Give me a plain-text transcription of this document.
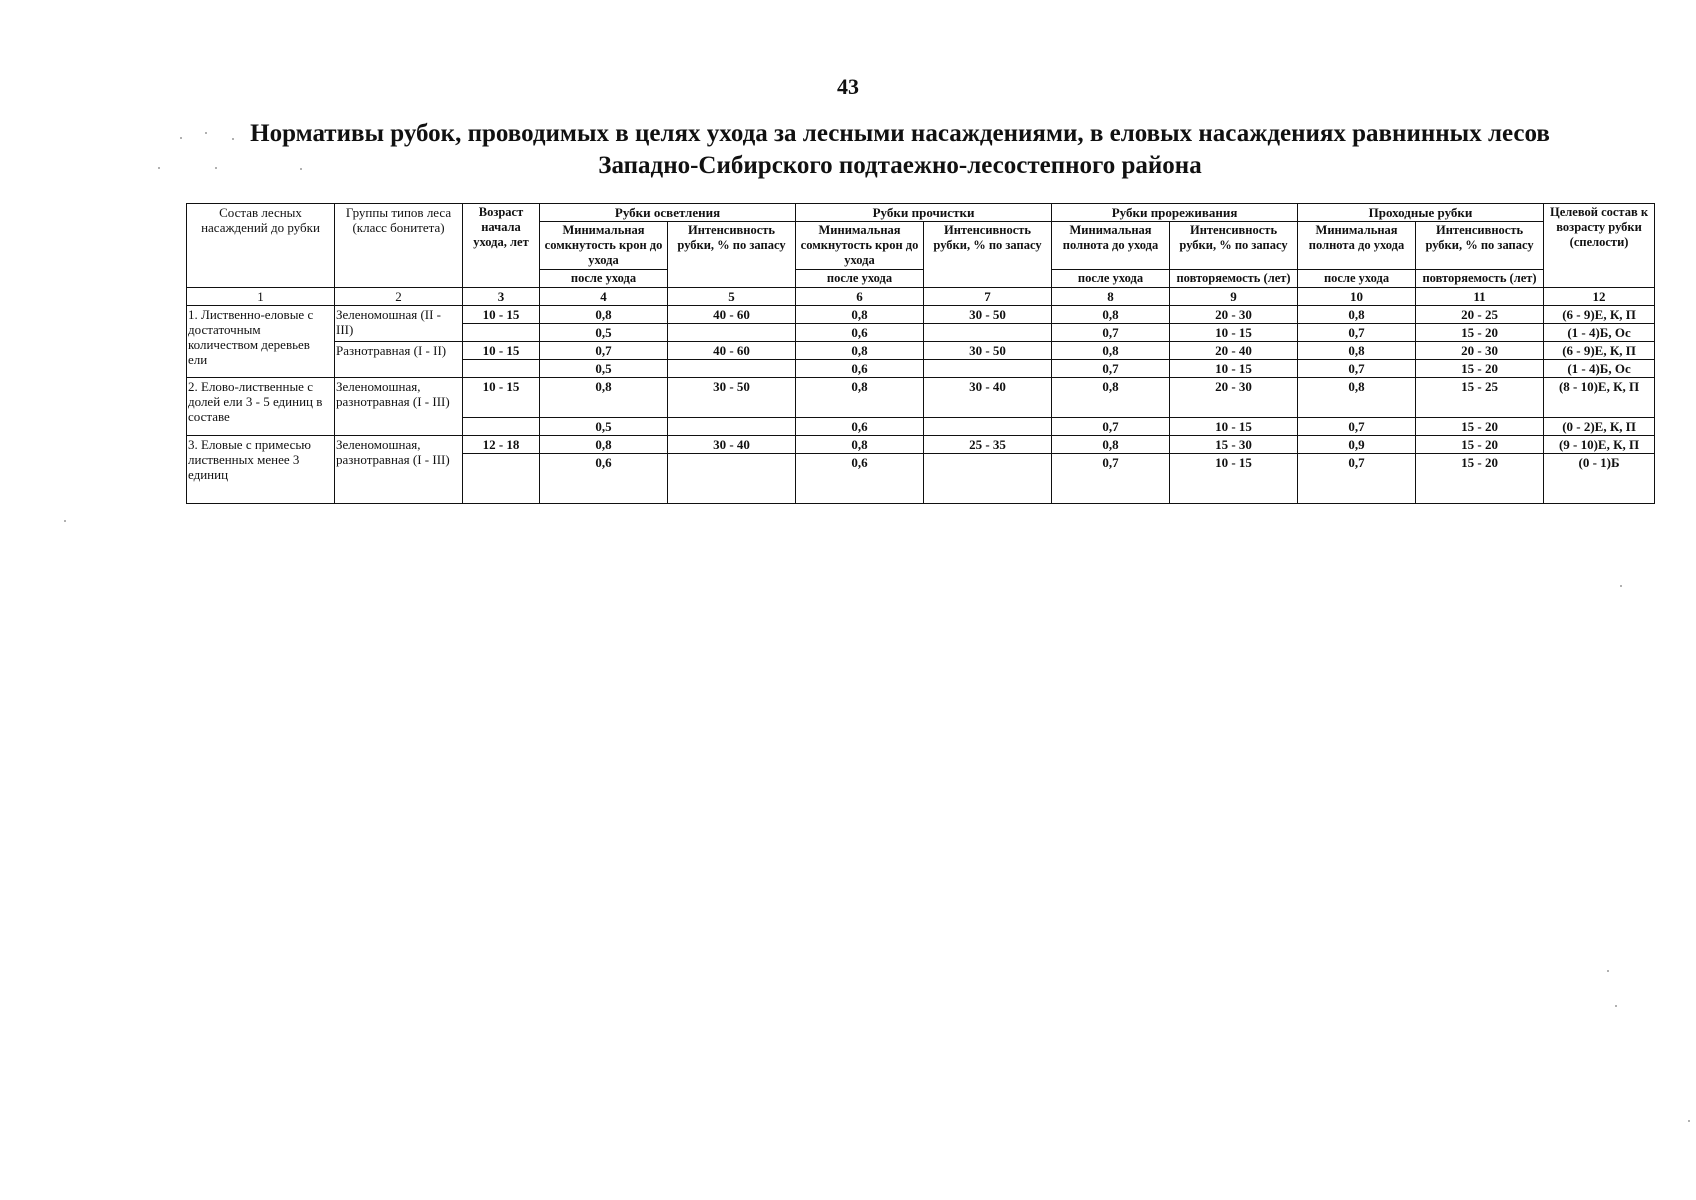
43
Нормативы рубок, проводимых в целях ухода за лесными насаждениями, в еловых насаждениях равнинных лесов Западно-Сибирского подтаежно-лесостепного района
Состав лесных насаждений до рубки	Группы типов леса (класс бонитета)	Возраст начала ухода, лет	Рубки осветления		Рубки прочистки		Рубки прореживания		Проходные рубки		Целевой состав к возрасту рубки (спелости)
			Минимальная сомкнутость крон до ухода	Интенсивность рубки, % по запасу	Минимальная сомкнутость крон до ухода	Интенсивность рубки, % по запасу	Минимальная полнота до ухода	Интенсивность рубки, % по запасу	Минимальная полнота до ухода	Интенсивность рубки, % по запасу	
			после ухода		после ухода		после ухода	повторяемость (лет)	после ухода	повторяемость (лет)	
1	2	3	4	5	6	7	8	9	10	11	12
1. Лиственно-еловые с достаточным количеством деревьев ели	Зеленомошная (II - III)	10 - 15	0,8	40 - 60	0,8	30 - 50	0,8	20 - 30	0,8	20 - 25	(6 - 9)Е, К, П
			0,5		0,6		0,7	10 - 15	0,7	15 - 20	(1 - 4)Б, Ос
	Разнотравная (I - II)	10 - 15	0,7	40 - 60	0,8	30 - 50	0,8	20 - 40	0,8	20 - 30	(6 - 9)Е, К, П
			0,5		0,6		0,7	10 - 15	0,7	15 - 20	(1 - 4)Б, Ос
2. Елово-лиственные с долей ели 3 - 5 единиц в составе	Зеленомошная, разнотравная (I - III)	10 - 15	0,8	30 - 50	0,8	30 - 40	0,8	20 - 30	0,8	15 - 25	(8 - 10)Е, К, П
			0,5		0,6		0,7	10 - 15	0,7	15 - 20	(0 - 2)Е, К, П
3. Еловые с примесью лиственных менее 3 единиц	Зеленомошная, разнотравная (I - III)	12 - 18	0,8	30 - 40	0,8	25 - 35	0,8	15 - 30	0,9	15 - 20	(9 - 10)Е, К, П
			0,6		0,6		0,7	10 - 15	0,7	15 - 20	(0 - 1)Б
